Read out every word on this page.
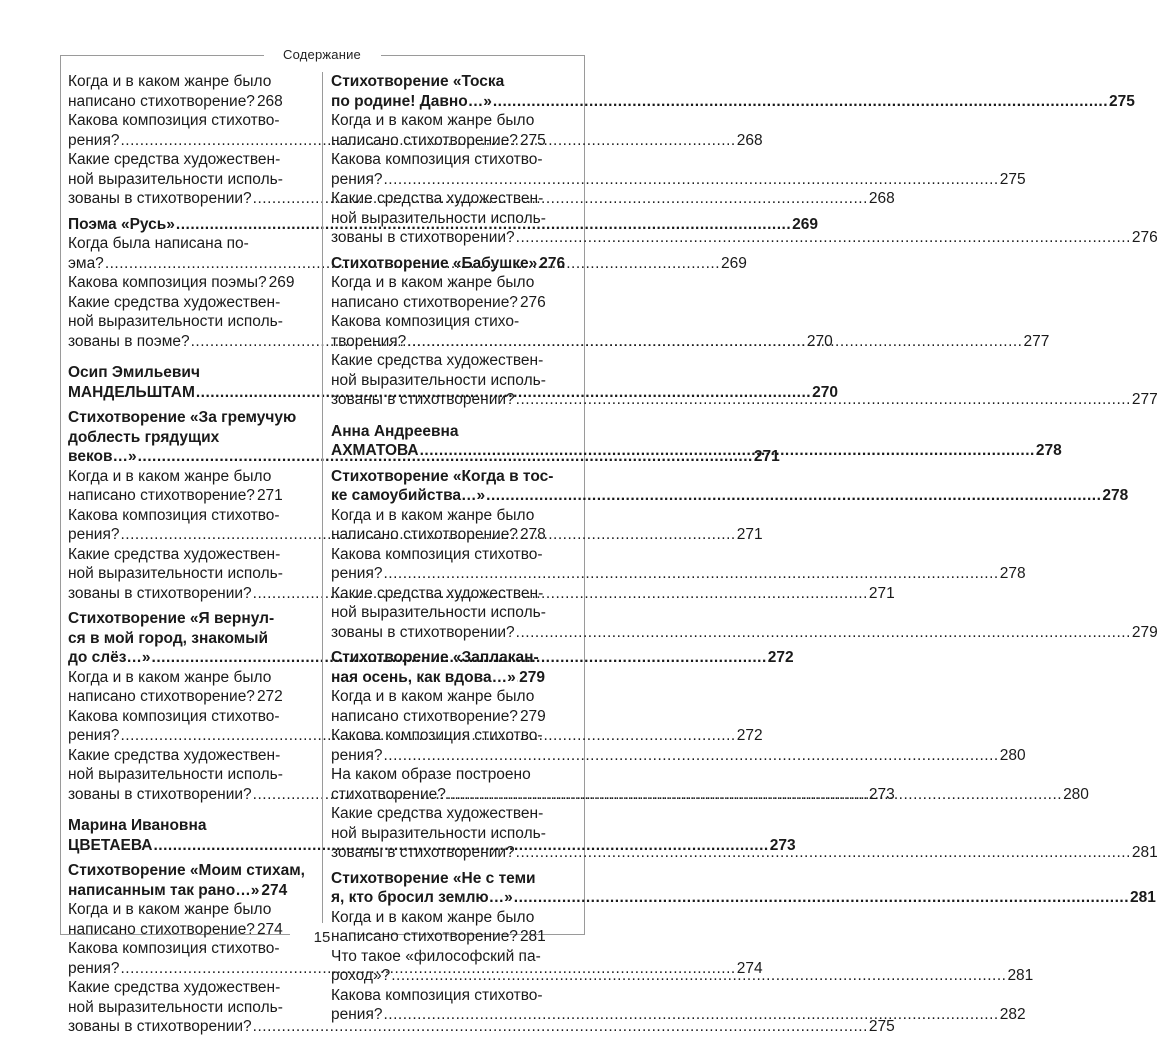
Содержание
Когда и в каком жанре было
написано стихотворение? 268
Какова композиция стихотво-
рения? .....	268
Какие средства художествен-
ной выразительности исполь-
зованы в стихотворении? .....	268
Поэма «Русь» .....	269
Когда была написана по-
эма? .....	269
Какова композиция поэмы? 269
Какие средства художествен-
ной выразительности исполь-
зованы в поэме? .....	270
Осип Эмильевич
МАНДЕЛЬШТАМ .....	270
Стихотворение «За гремучую
доблесть грядущих
веков…» .....	271
Когда и в каком жанре было
написано стихотворение? 271
Какова композиция стихотво-
рения? .....	271
Какие средства художествен-
ной выразительности исполь-
зованы в стихотворении? .....	271
Стихотворение «Я вернул-
ся в мой город, знакомый
до слёз…» .....	272
Когда и в каком жанре было
написано стихотворение? 272
Какова композиция стихотво-
рения? .....	272
Какие средства художествен-
ной выразительности исполь-
зованы в стихотворении? .....	273
Марина Ивановна
ЦВЕТАЕВА .....	273
Стихотворение «Моим стихам,
написанным так рано…» 274
Когда и в каком жанре было
написано стихотворение? 274
Какова композиция стихотво-
рения? .....	274
Какие средства художествен-
ной выразительности исполь-
зованы в стихотворении? .....	275
Стихотворение «Тоска
по родине! Давно…» .....	275
Когда и в каком жанре было
написано стихотворение? 275
Какова композиция стихотво-
рения? .....	275
Какие средства художествен-
ной выразительности исполь-
зованы в стихотворении? .....	276
Стихотворение «Бабушке» 276
Когда и в каком жанре было
написано стихотворение? 276
Какова композиция стихо-
творения? .....	277
Какие средства художествен-
ной выразительности исполь-
зованы в стихотворении? .....	277
Анна Андреевна
АХМАТОВА .....	278
Стихотворение «Когда в тос-
ке самоубийства…» .....	278
Когда и в каком жанре было
написано стихотворение? 278
Какова композиция стихотво-
рения? .....	278
Какие средства художествен-
ной выразительности исполь-
зованы в стихотворении? .....	279
Стихотворение «Заплакан-
ная осень, как вдова…» ..... 279
Когда и в каком жанре было
написано стихотворение? 279
Какова композиция стихотво-
рения? .....	280
На каком образе построено
стихотворение? .....	280
Какие средства художествен-
ной выразительности исполь-
зованы в стихотворении? .....	281
Стихотворение «Не с теми
я, кто бросил землю…» .....	281
Когда и в каком жанре было
написано стихотворение? 281
Что такое «философский па-
роход»? .....	281
Какова композиция стихотво-
рения? .....	282
15
